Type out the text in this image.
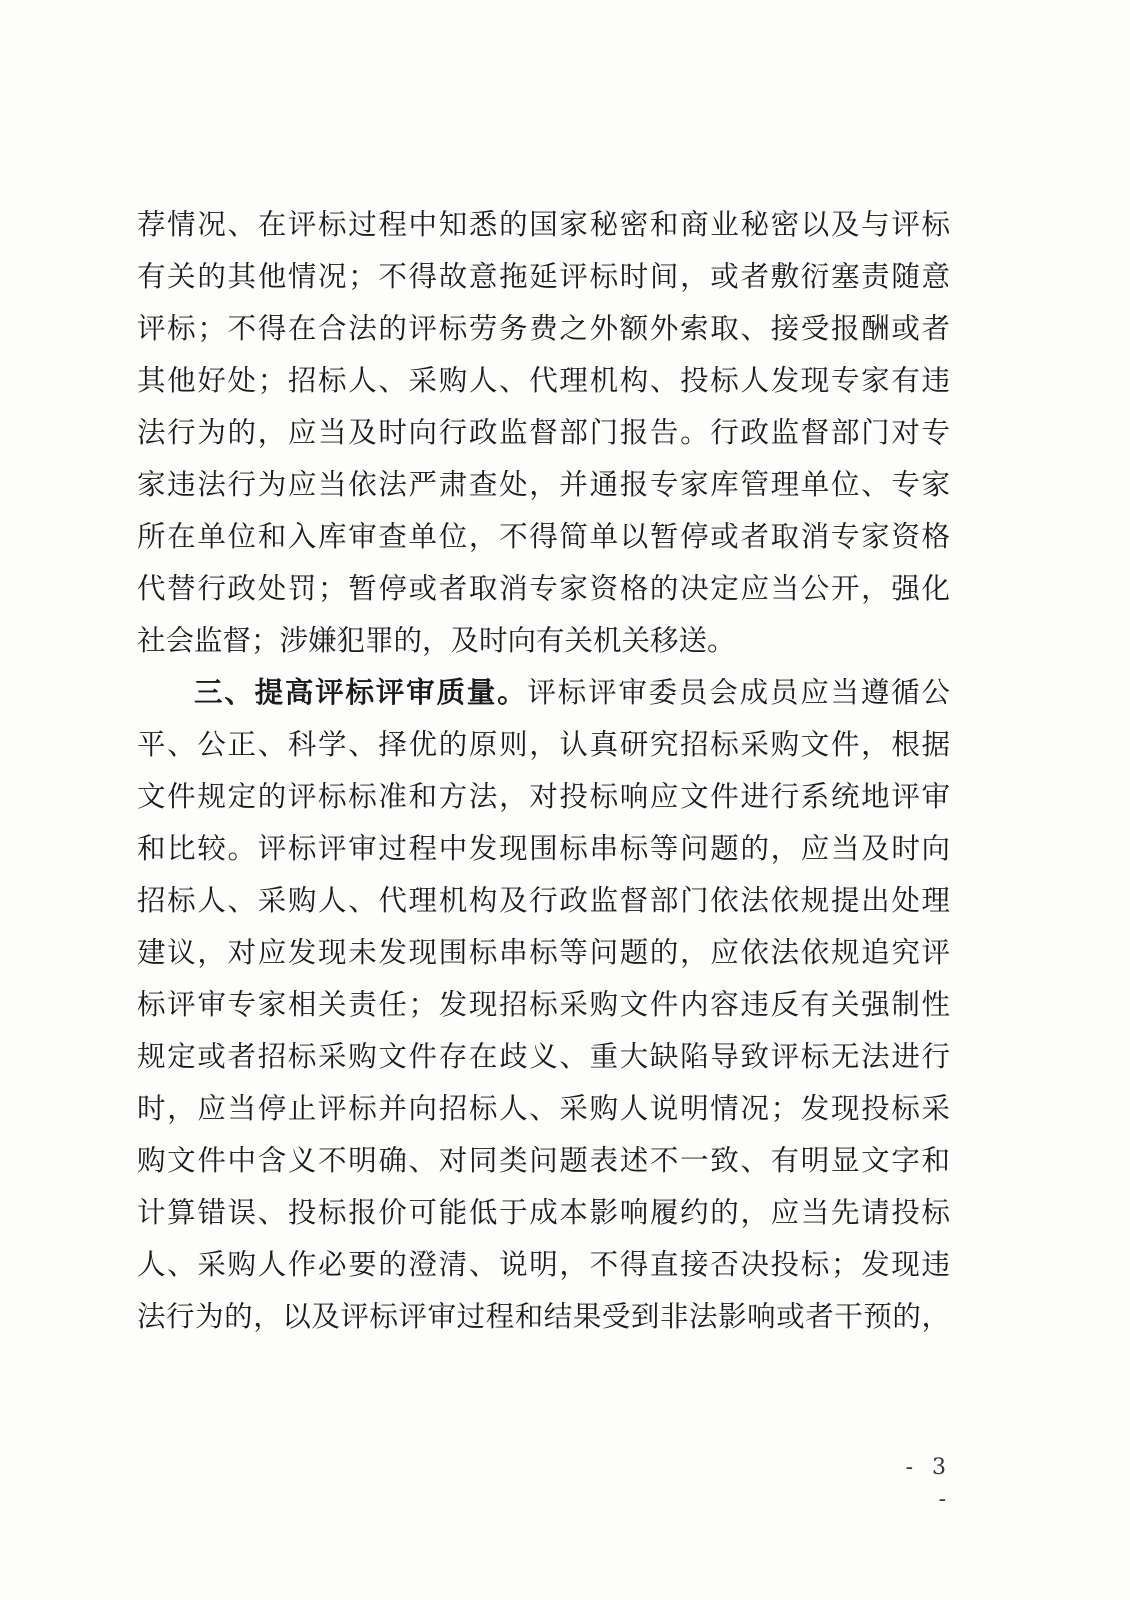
荐情况、在评标过程中知悉的国家秘密和商业秘密以及与评标
有关的其他情况；不得故意拖延评标时间，或者敷衍塞责随意
评标；不得在合法的评标劳务费之外额外索取、接受报酬或者
其他好处；招标人、采购人、代理机构、投标人发现专家有违
法行为的，应当及时向行政监督部门报告。行政监督部门对专
家违法行为应当依法严肃查处，并通报专家库管理单位、专家
所在单位和入库审查单位，不得简单以暂停或者取消专家资格
代替行政处罚；暂停或者取消专家资格的决定应当公开，强化
社会监督；涉嫌犯罪的，及时向有关机关移送。
三、提高评标评审质量。评标评审委员会成员应当遵循公
平、公正、科学、择优的原则，认真研究招标采购文件，根据
文件规定的评标标准和方法，对投标响应文件进行系统地评审
和比较。评标评审过程中发现围标串标等问题的，应当及时向
招标人、采购人、代理机构及行政监督部门依法依规提出处理
建议，对应发现未发现围标串标等问题的，应依法依规追究评
标评审专家相关责任；发现招标采购文件内容违反有关强制性
规定或者招标采购文件存在歧义、重大缺陷导致评标无法进行
时，应当停止评标并向招标人、采购人说明情况；发现投标采
购文件中含义不明确、对同类问题表述不一致、有明显文字和
计算错误、投标报价可能低于成本影响履约的，应当先请投标
人、采购人作必要的澄清、说明，不得直接否决投标；发现违
法行为的，以及评标评审过程和结果受到非法影响或者干预的，
- 3 -
